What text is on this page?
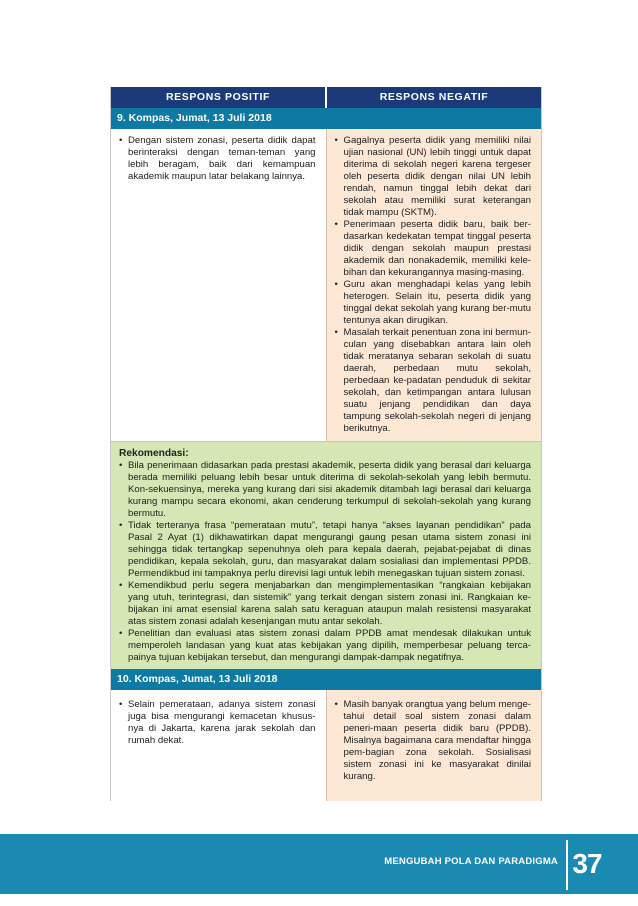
RESPONS POSITIF	RESPONS NEGATIF
9. Kompas, Jumat, 13 Juli 2018

• Dengan sistem zonasi, peserta didik dapat berinteraksi dengan teman-teman yang lebih beragam, baik dari kemampuan akademik maupun latar belakang lainnya.

• Gagalnya peserta didik yang memiliki nilai ujian nasional (UN) lebih tinggi untuk dapat diterima di sekolah negeri karena tergeser oleh peserta didik dengan nilai UN lebih rendah, namun tinggal lebih dekat dari sekolah atau memiliki surat keterangan tidak mampu (SKTM).

• Penerimaan peserta didik baru, baik ber-dasarkan kedekatan tempat tinggal peserta didik dengan sekolah maupun prestasi akademik dan nonakademik, memiliki kele-bihan dan kekurangannya masing-masing.

• Guru akan menghadapi kelas yang lebih heterogen. Selain itu, peserta didik yang tinggal dekat sekolah yang kurang ber-mutu tentunya akan dirugikan.

• Masalah terkait penentuan zona ini bermun-culan yang disebabkan antara lain oleh tidak meratanya sebaran sekolah di suatu daerah, perbedaan mutu sekolah, perbedaan ke-padatan penduduk di sekitar sekolah, dan ketimpangan antara lulusan suatu jenjang pendidikan dan daya tampung sekolah-sekolah negeri di jenjang berikutnya.

Rekomendasi:

• Bila penerimaan didasarkan pada prestasi akademik, peserta didik yang berasal dari keluarga berada memiliki peluang lebih besar untuk diterima di sekolah-sekolah yang lebih bermutu. Kon-sekuensinya, mereka yang kurang dari sisi akademik ditambah lagi berasal dari keluarga kurang mampu secara ekonomi, akan cenderung terkumpul di sekolah-sekolah yang kurang bermutu.

• Tidak terteranya frasa “pemerataan mutu”, tetapi hanya “akses layanan pendidikan” pada Pasal 2 Ayat (1) dikhawatirkan dapat mengurangi gaung pesan utama sistem zonasi ini sehingga tidak tertangkap sepenuhnya oleh para kepala daerah, pejabat-pejabat di dinas pendidikan, kepala sekolah, guru, dan masyarakat dalam sosialiasi dan implementasi PPDB. Permendikbud ini tampaknya perlu direvisi lagi untuk lebih menegaskan tujuan sistem zonasi.

• Kemendikbud perlu segera menjabarkan dan mengimplementasikan “rangkaian kebijakan yang utuh, terintegrasi, dan sistemik” yang terkait dengan sistem zonasi ini. Rangkaian ke-bijakan ini amat esensial karena salah satu keraguan ataupun malah resistensi masyarakat atas sistem zonasi adalah kesenjangan mutu antar sekolah.

• Penelitian dan evaluasi atas sistem zonasi dalam PPDB amat mendesak dilakukan untuk memperoleh landasan yang kuat atas kebijakan yang dipilih, memperbesar peluang terca-painya tujuan kebijakan tersebut, dan mengurangi dampak-dampak negatifnya.

10. Kompas, Jumat, 13 Juli 2018

• Selain pemerataan, adanya sistem zonasi juga bisa mengurangi kemacetan khusus-nya di Jakarta, karena jarak sekolah dan rumah dekat.

• Masih banyak orangtua yang belum menge-tahui detail soal sistem zonasi dalam peneri-maan peserta didik baru (PPDB). Misalnya bagaimana cara mendaftar hingga pem-bagian zona sekolah. Sosialisasi sistem zonasi ini ke masyarakat dinilai kurang.

MENGUBAH POLA DAN PARADIGMA 37
